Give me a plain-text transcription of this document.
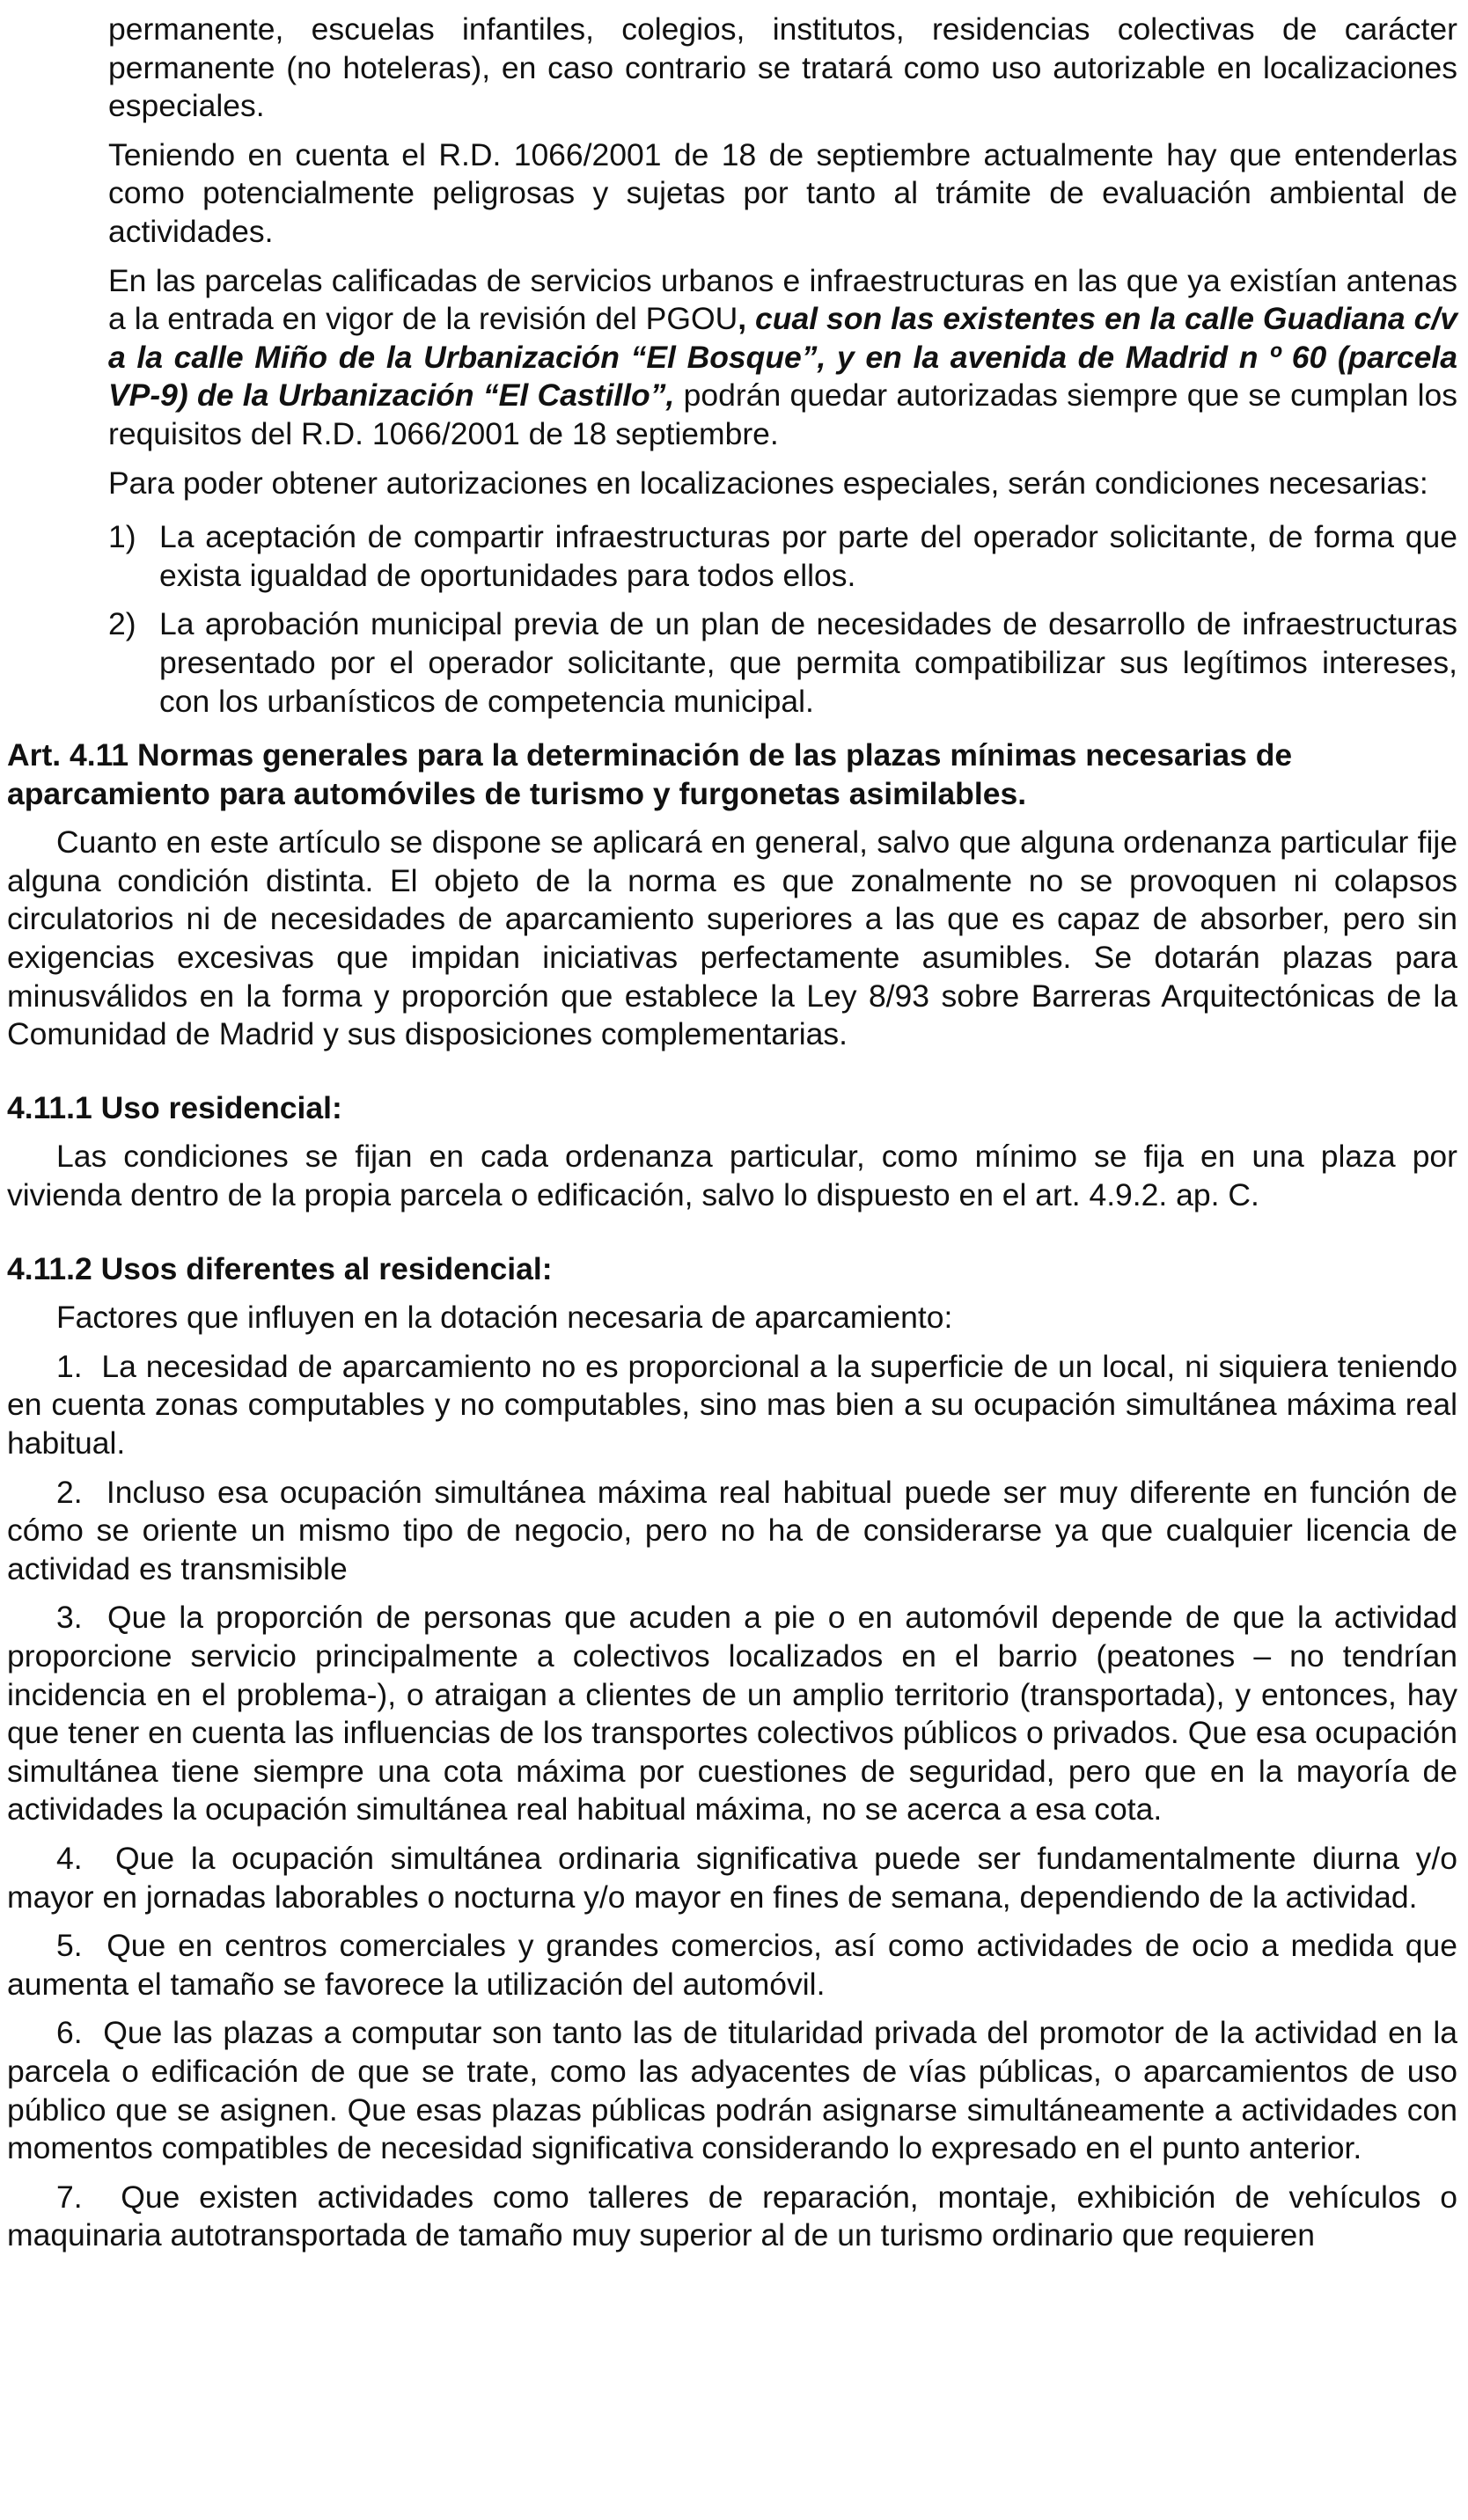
permanente, escuelas infantiles, colegios, institutos, residencias colectivas de carácter permanente (no hoteleras), en caso contrario se tratará como uso autorizable en localizaciones especiales.

Teniendo en cuenta el R.D. 1066/2001 de 18 de septiembre actualmente hay que entenderlas como potencialmente peligrosas y sujetas por tanto al trámite de evaluación ambiental de actividades.

En las parcelas calificadas de servicios urbanos e infraestructuras en las que ya existían antenas a la entrada en vigor de la revisión del PGOU, cual son las existentes en la calle Guadiana c/v a la calle Miño de la Urbanización “El Bosque”, y en la avenida de Madrid n º 60 (parcela VP-9) de la Urbanización “El Castillo”, podrán quedar autorizadas siempre que se cumplan los requisitos del R.D. 1066/2001 de 18 septiembre.

Para poder obtener autorizaciones en localizaciones especiales, serán condiciones necesarias:

1) La aceptación de compartir infraestructuras por parte del operador solicitante, de forma que exista igualdad de oportunidades para todos ellos.
2) La aprobación municipal previa de un plan de necesidades de desarrollo de infraestructuras presentado por el operador solicitante, que permita compatibilizar sus legítimos intereses, con los urbanísticos de competencia municipal.
Art. 4.11 Normas generales para la determinación de las plazas mínimas necesarias de aparcamiento para automóviles de turismo y furgonetas asimilables.

Cuanto en este artículo se dispone se aplicará en general, salvo que alguna ordenanza particular fije alguna condición distinta. El objeto de la norma es que zonalmente no se provoquen ni colapsos circulatorios ni de necesidades de aparcamiento superiores a las que es capaz de absorber, pero sin exigencias excesivas que impidan iniciativas perfectamente asumibles. Se dotarán plazas para minusválidos en la forma y proporción que establece la Ley 8/93 sobre Barreras Arquitectónicas de la Comunidad de Madrid y sus disposiciones complementarias.

4.11.1 Uso residencial:

Las condiciones se fijan en cada ordenanza particular, como mínimo se fija en una plaza por vivienda dentro de la propia parcela o edificación, salvo lo dispuesto en el art. 4.9.2. ap. C.

4.11.2 Usos diferentes al residencial:

Factores que influyen en la dotación necesaria de aparcamiento:

1. La necesidad de aparcamiento no es proporcional a la superficie de un local, ni siquiera teniendo en cuenta zonas computables y no computables, sino mas bien a su ocupación simultánea máxima real habitual.

2. Incluso esa ocupación simultánea máxima real habitual puede ser muy diferente en función de cómo se oriente un mismo tipo de negocio, pero no ha de considerarse ya que cualquier licencia de actividad es transmisible

3. Que la proporción de personas que acuden a pie o en automóvil depende de que la actividad proporcione servicio principalmente a colectivos localizados en el barrio (peatones – no tendrían incidencia en el problema-), o atraigan a clientes de un amplio territorio (transportada), y entonces, hay que tener en cuenta las influencias de los transportes colectivos públicos o privados. Que esa ocupación simultánea tiene siempre una cota máxima por cuestiones de seguridad, pero que en la mayoría de actividades la ocupación simultánea real habitual máxima, no se acerca a esa cota.

4. Que la ocupación simultánea ordinaria significativa puede ser fundamentalmente diurna y/o mayor en jornadas laborables o nocturna y/o mayor en fines de semana, dependiendo de la actividad.

5. Que en centros comerciales y grandes comercios, así como actividades de ocio a medida que aumenta el tamaño se favorece la utilización del automóvil.

6. Que las plazas a computar son tanto las de titularidad privada del promotor de la actividad en la parcela o edificación de que se trate, como las adyacentes de vías públicas, o aparcamientos de uso público que se asignen. Que esas plazas públicas podrán asignarse simultáneamente a actividades con momentos compatibles de necesidad significativa considerando lo expresado en el punto anterior.

7. Que existen actividades como talleres de reparación, montaje, exhibición de vehículos o maquinaria autotransportada de tamaño muy superior al de un turismo ordinario que requieren
